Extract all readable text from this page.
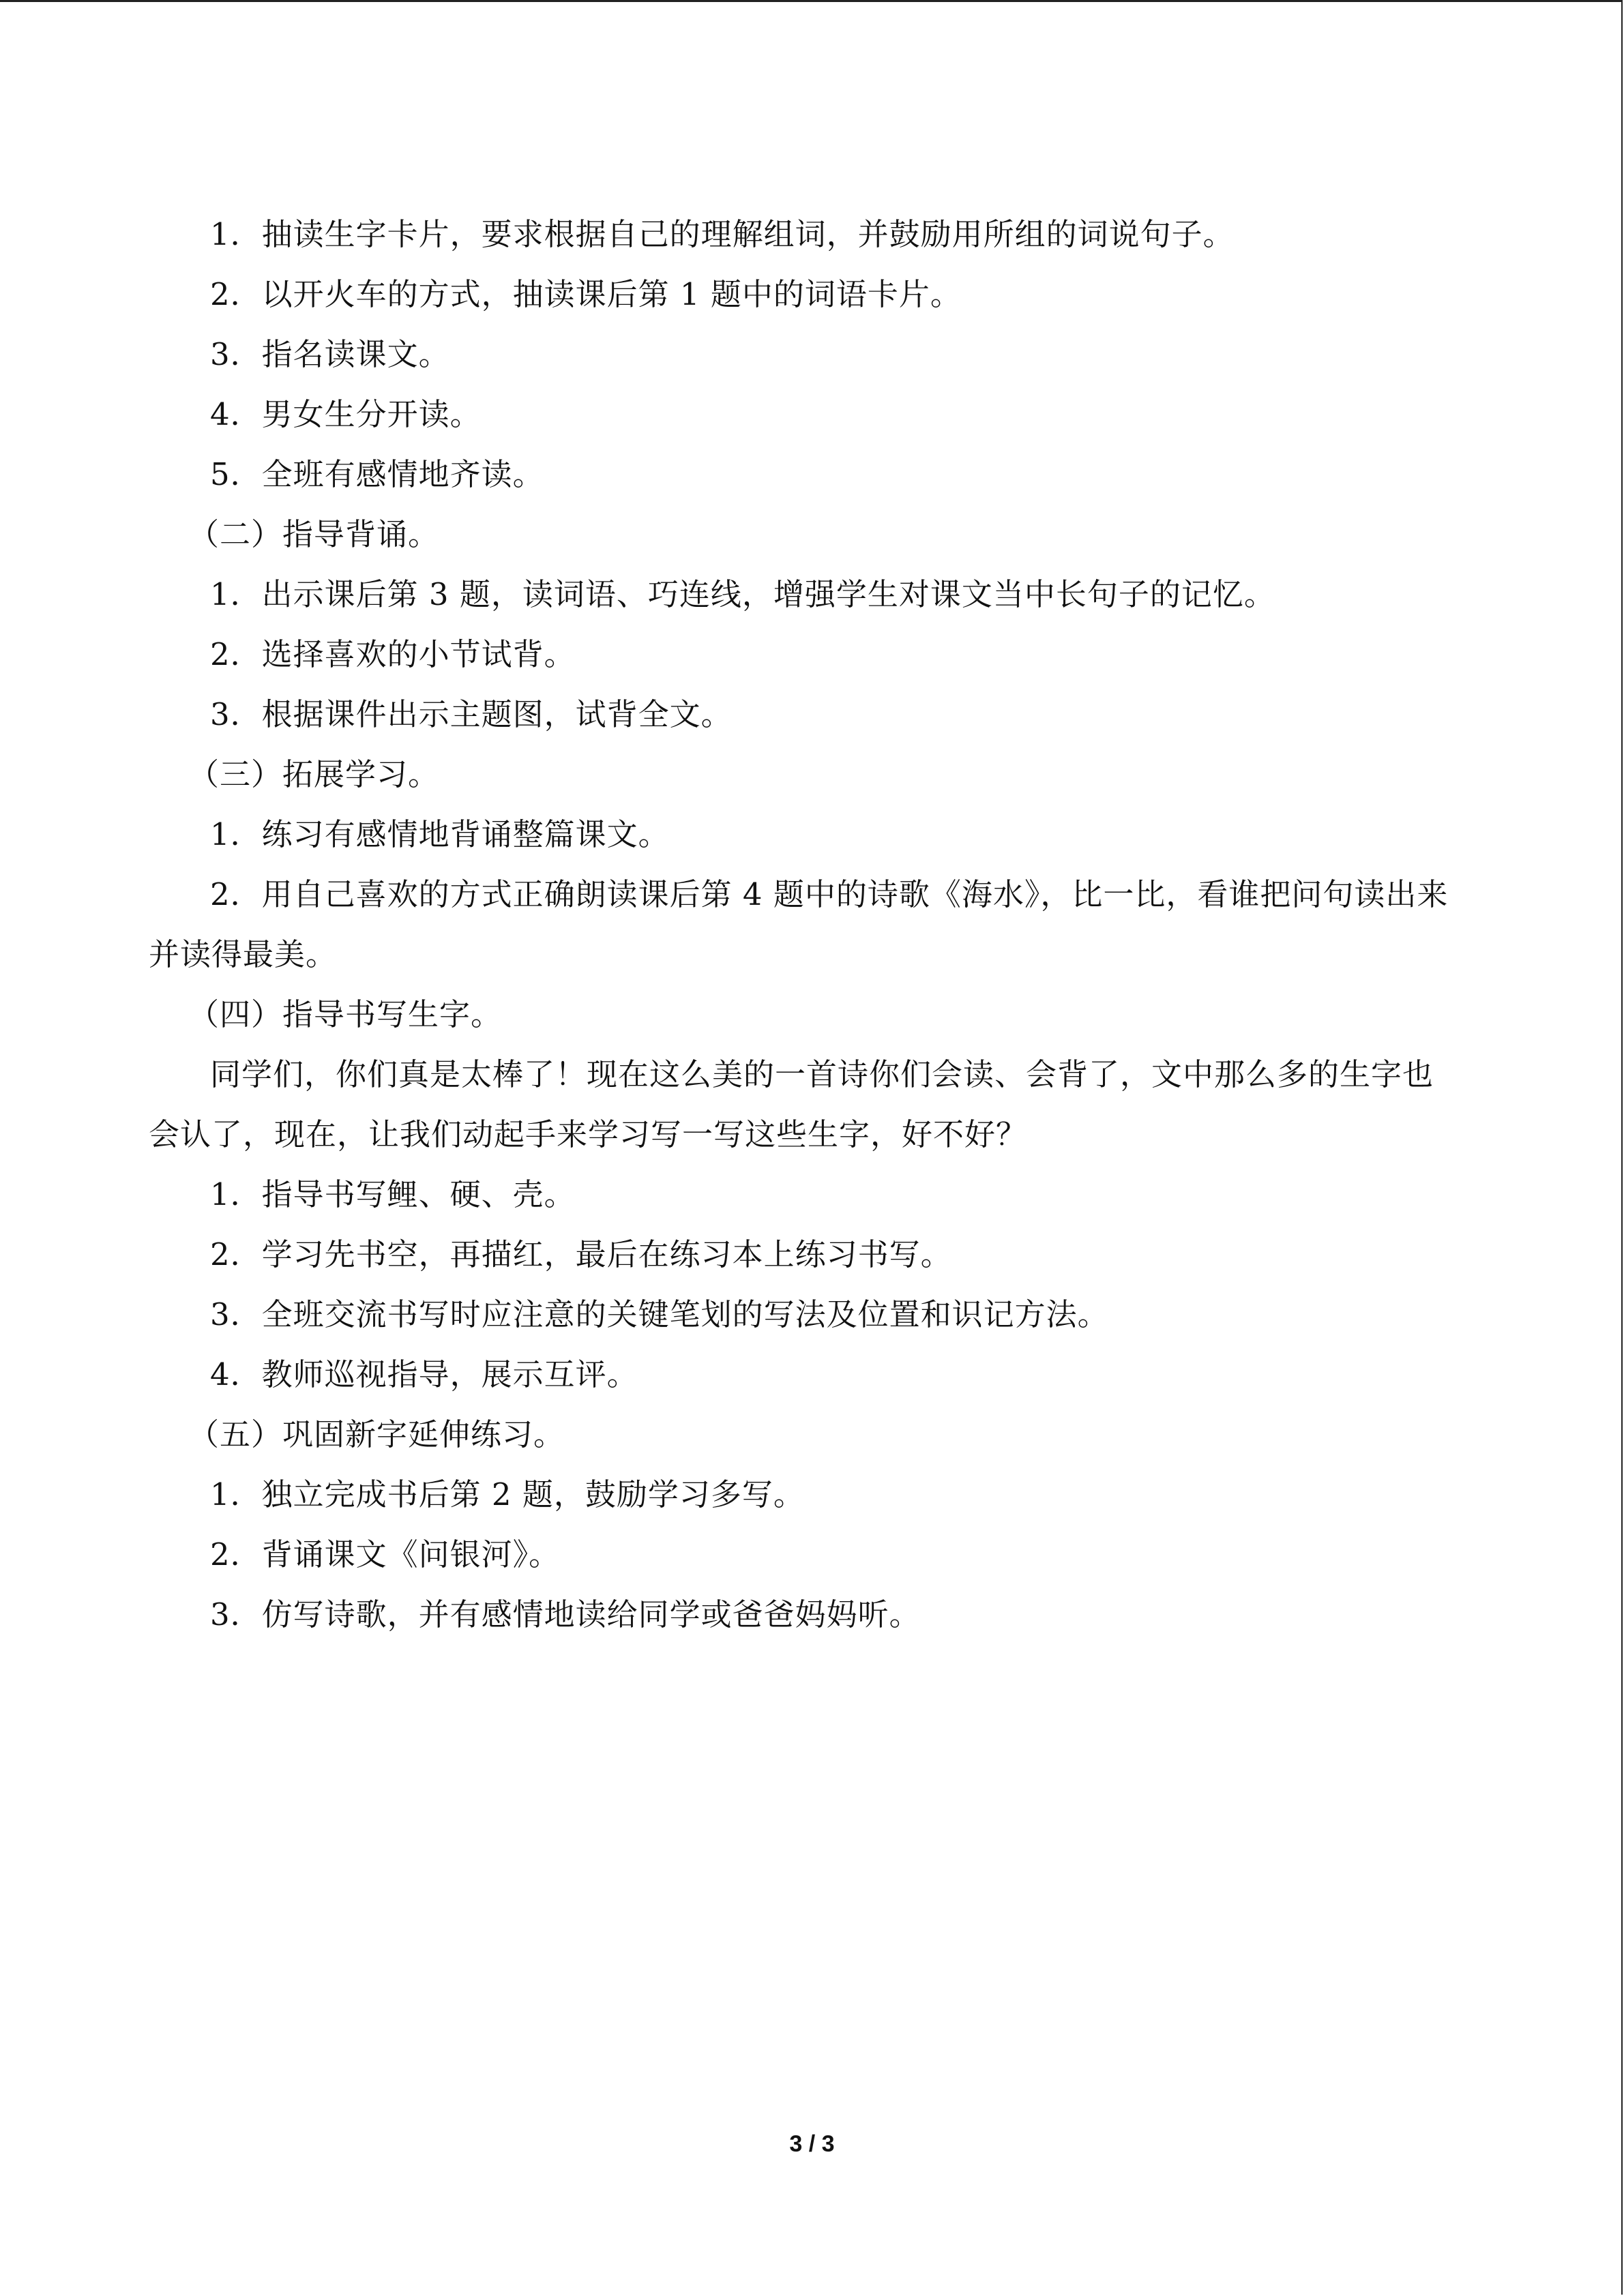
1．抽读生字卡片，要求根据自己的理解组词，并鼓励用所组的词说句子。

2．以开火车的方式，抽读课后第 1 题中的词语卡片。

3．指名读课文。

4．男女生分开读。

5．全班有感情地齐读。

（二）指导背诵。

1．出示课后第 3 题，读词语、巧连线，增强学生对课文当中长句子的记忆。

2．选择喜欢的小节试背。

3．根据课件出示主题图，试背全文。

（三）拓展学习。

1．练习有感情地背诵整篇课文。

2．用自己喜欢的方式正确朗读课后第 4 题中的诗歌《海水》，比一比，看谁把问句读出来并读得最美。

（四）指导书写生字。

同学们，你们真是太棒了！现在这么美的一首诗你们会读、会背了，文中那么多的生字也会认了，现在，让我们动起手来学习写一写这些生字，好不好？

1．指导书写鲤、硬、壳。

2．学习先书空，再描红，最后在练习本上练习书写。

3．全班交流书写时应注意的关键笔划的写法及位置和识记方法。

4．教师巡视指导，展示互评。

（五）巩固新字延伸练习。

1．独立完成书后第 2 题，鼓励学习多写。

2．背诵课文《问银河》。

3．仿写诗歌，并有感情地读给同学或爸爸妈妈听。

3 / 3
